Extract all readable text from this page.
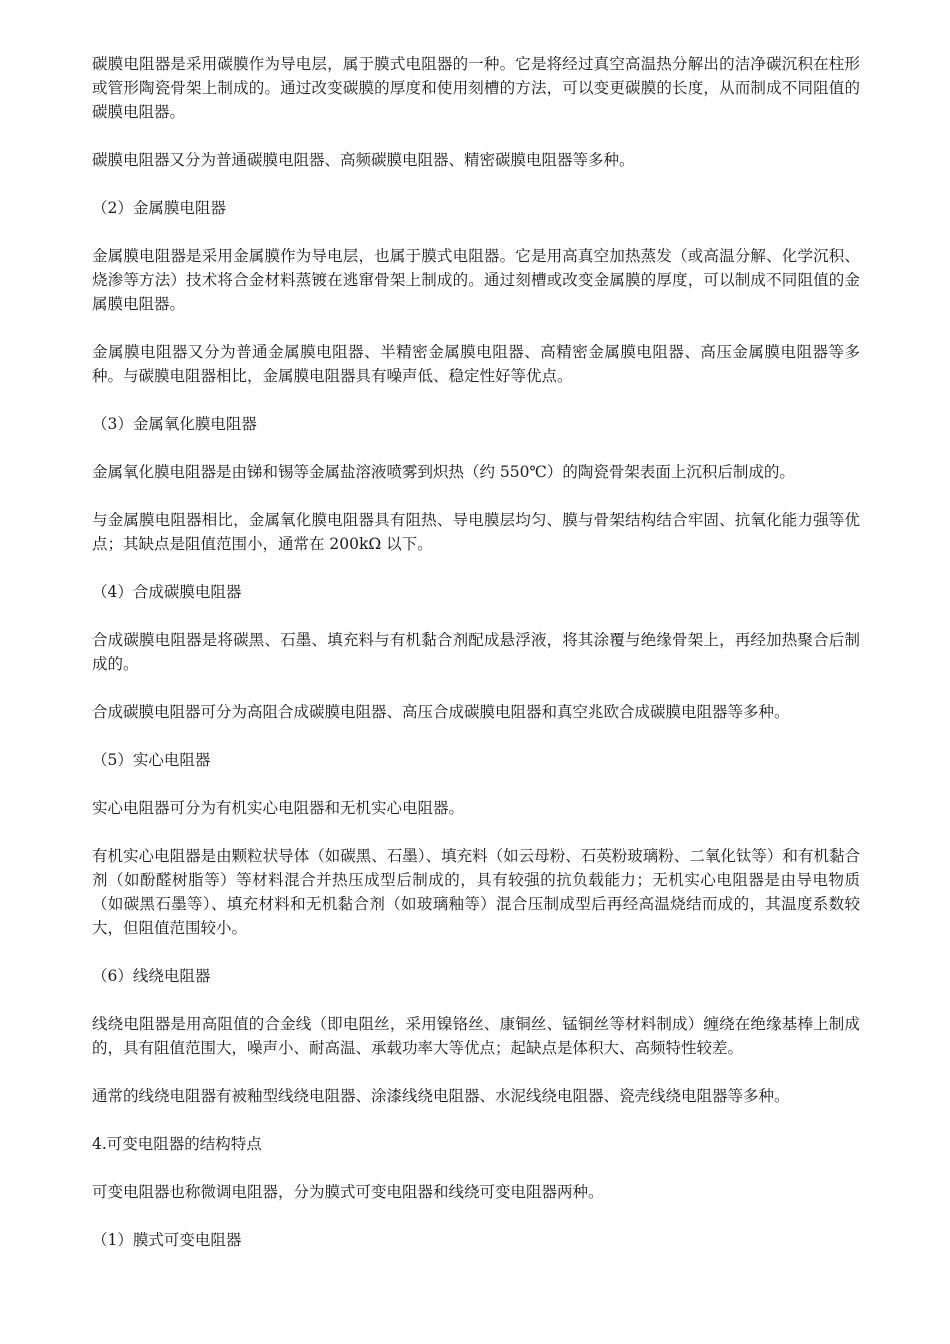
碳膜电阻器是采用碳膜作为导电层，属于膜式电阻器的一种。它是将经过真空高温热分解出的洁净碳沉积在柱形或管形陶瓷骨架上制成的。通过改变碳膜的厚度和使用刻槽的方法，可以变更碳膜的长度，从而制成不同阻值的碳膜电阻器。

碳膜电阻器又分为普通碳膜电阻器、高频碳膜电阻器、精密碳膜电阻器等多种。

（2）金属膜电阻器

金属膜电阻器是采用金属膜作为导电层，也属于膜式电阻器。它是用高真空加热蒸发（或高温分解、化学沉积、烧渗等方法）技术将合金材料蒸镀在逃窜骨架上制成的。通过刻槽或改变金属膜的厚度，可以制成不同阻值的金属膜电阻器。

金属膜电阻器又分为普通金属膜电阻器、半精密金属膜电阻器、高精密金属膜电阻器、高压金属膜电阻器等多种。与碳膜电阻器相比，金属膜电阻器具有噪声低、稳定性好等优点。

（3）金属氧化膜电阻器

金属氧化膜电阻器是由锑和锡等金属盐溶液喷雾到炽热（约 550℃）的陶瓷骨架表面上沉积后制成的。

与金属膜电阻器相比，金属氧化膜电阻器具有阻热、导电膜层均匀、膜与骨架结构结合牢固、抗氧化能力强等优点；其缺点是阻值范围小，通常在 200kΩ 以下。

（4）合成碳膜电阻器

合成碳膜电阻器是将碳黑、石墨、填充料与有机黏合剂配成悬浮液，将其涂覆与绝缘骨架上，再经加热聚合后制成的。

合成碳膜电阻器可分为高阻合成碳膜电阻器、高压合成碳膜电阻器和真空兆欧合成碳膜电阻器等多种。

（5）实心电阻器

实心电阻器可分为有机实心电阻器和无机实心电阻器。

有机实心电阻器是由颗粒状导体（如碳黑、石墨）、填充料（如云母粉、石英粉玻璃粉、二氧化钛等）和有机黏合剂（如酚醛树脂等）等材料混合并热压成型后制成的，具有较强的抗负载能力；无机实心电阻器是由导电物质（如碳黑石墨等）、填充材料和无机黏合剂（如玻璃釉等）混合压制成型后再经高温烧结而成的，其温度系数较大，但阻值范围较小。

（6）线绕电阻器

线绕电阻器是用高阻值的合金线（即电阻丝，采用镍铬丝、康铜丝、锰铜丝等材料制成）缠绕在绝缘基棒上制成的，具有阻值范围大，噪声小、耐高温、承载功率大等优点；起缺点是体积大、高频特性较差。

通常的线绕电阻器有被釉型线绕电阻器、涂漆线绕电阻器、水泥线绕电阻器、瓷壳线绕电阻器等多种。

4.可变电阻器的结构特点

可变电阻器也称微调电阻器，分为膜式可变电阻器和线绕可变电阻器两种。

（1）膜式可变电阻器
